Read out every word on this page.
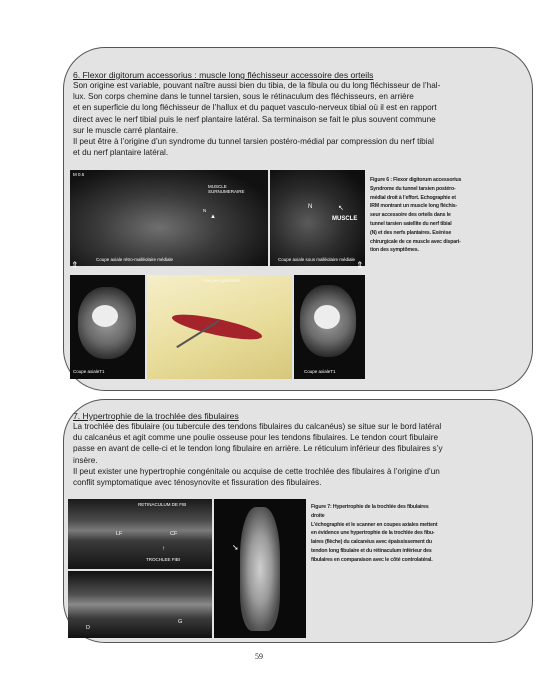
6. Flexor digitorum accessorius : muscle long fléchisseur accessoire des orteils
Son origine est variable, pouvant naître aussi bien du tibia, de la fibula ou du long fléchisseur de l’hal-
lux. Son corps chemine dans le tunnel tarsien, sous le rétinaculum des fléchisseurs, en arrière
et en superficie du long fléchisseur de l’hallux et du paquet vasculo-nerveux tibial où il est en rapport
direct avec le nerf tibial puis le nerf plantaire latéral. Sa terminaison se fait le plus souvent commune
sur le muscle carré plantaire.
Il peut être à l’origine d’un syndrome du tunnel tarsien postéro-médial par compression du nerf tibial
et du nerf plantaire latéral.
M 0.5
MUSCLE SURNUMERAIRE
N
▲
Coupe axiale rétro-malléolaire médiale
N	↖
MUSCLE
Coupe axiale sous malléolaire médiale
⇕	⇕
Coupe axialeT1
Vue per-operatoire
Coupe axialeT1
Figure 6 : Flexor digitorum accessorius
Syndrome du tunnel tarsien postéro-
médial droit à l’effort. Echographie et
IRM montrant un muscle long fléchis-
seur accessoire des orteils dans le
tunnel tarsien satellite du nerf tibial
(N) et des nerfs plantaires. Exérèse
chirurgicale de ce muscle avec dispari-
tion des symptômes.
7. Hypertrophie de la trochlée des fibulaires
La trochlée des fibulaire (ou tubercule des tendons fibulaires du calcanéus) se situe sur le bord latéral
du calcanéus et agit comme une poulie osseuse pour les tendons fibulaires. Le tendon court fibulaire
passe en avant de celle-ci et le tendon long fibulaire en arrière. Le réticulum inférieur des fibulaires s’y
insère.
Il peut exister une hypertrophie congénitale ou acquise de cette trochlée des fibulaires à l’origine d’un
conflit symptomatique avec ténosynovite et fissuration des fibulaires.
RETINACULUM DE FIB
LF	CF
↑
TROCHLEE FIBI
D
G
➘
Figure 7: Hypertrophie de la trochlée des fibulaires
droite
L’échographie et le scanner en coupes axiales mettent
en évidence une hypertrophie de la trochlée des fibu-
laires (flèche) du calcanéus avec épaississement du
tendon long fibulaire et du rétinaculum inférieur des
fibulaires en comparaison avec le côté controlatéral.
59
